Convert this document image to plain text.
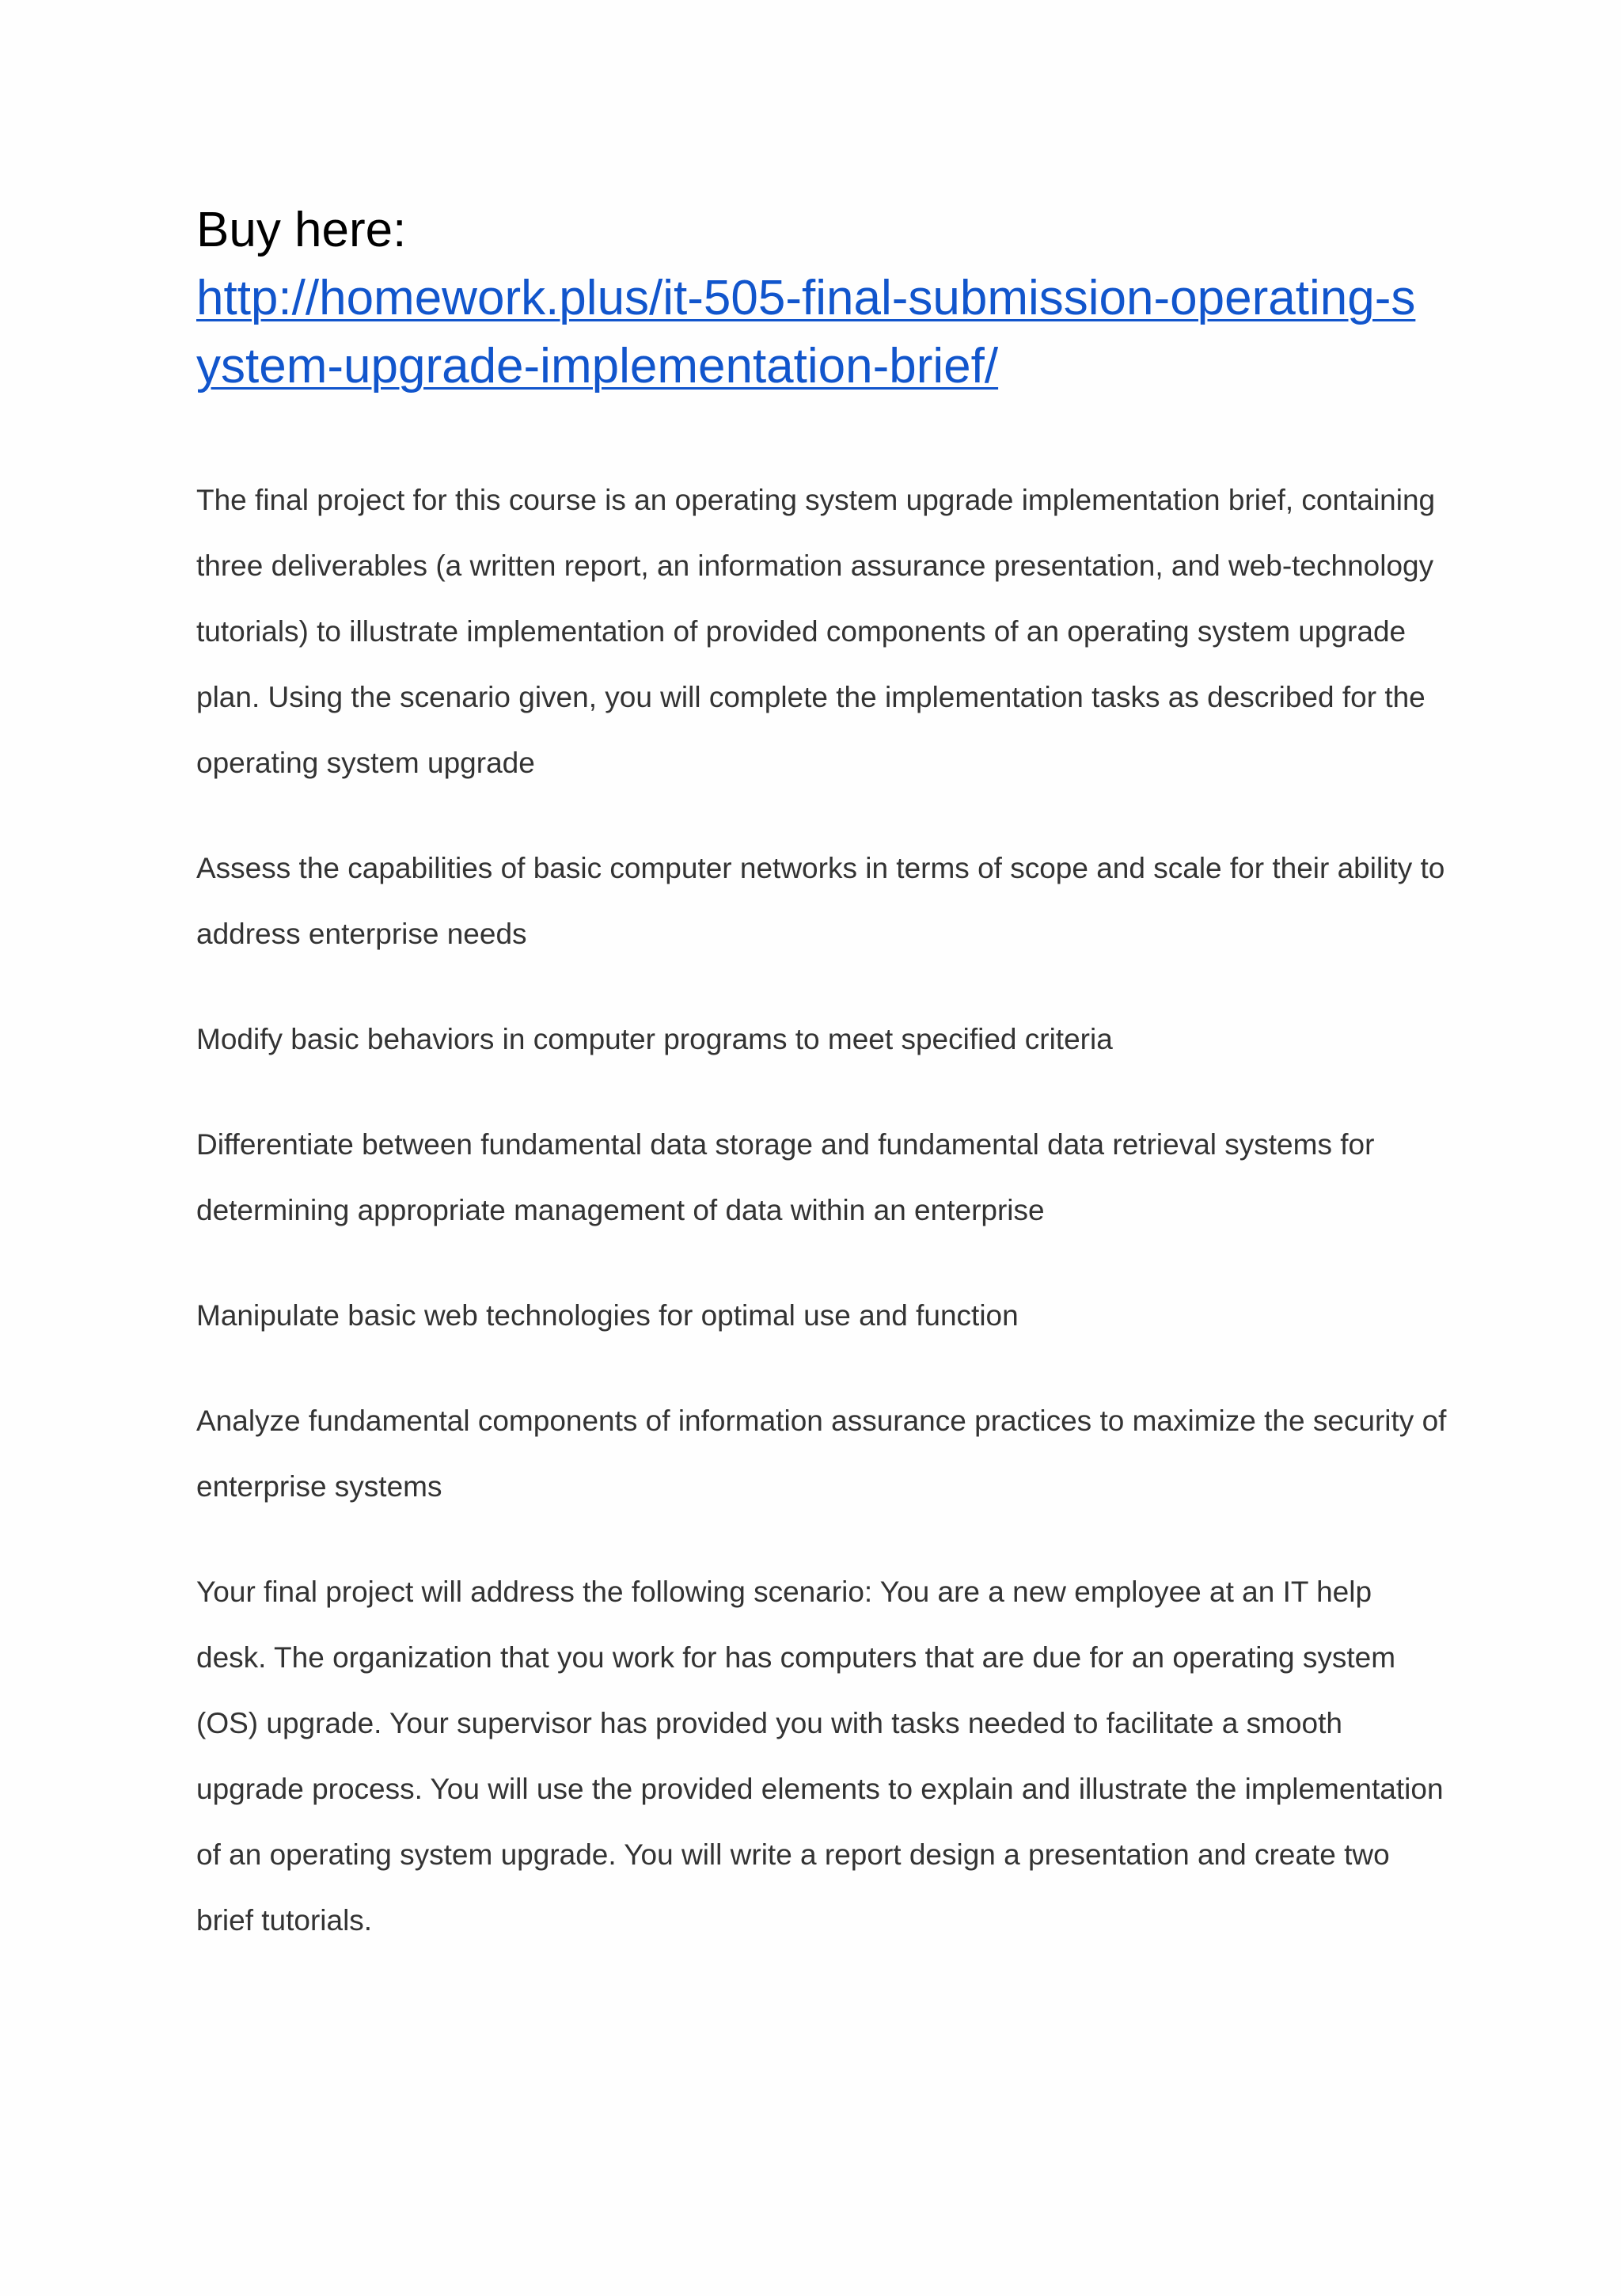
Buy here:
http://homework.plus/it-505-final-submission-operating-system-upgrade-implementation-brief/

The final project for this course is an operating system upgrade implementation brief, containing three deliverables (a written report, an information assurance presentation, and web-technology tutorials) to illustrate implementation of provided components of an operating system upgrade plan. Using the scenario given, you will complete the implementation tasks as described for the operating system upgrade

Assess the capabilities of basic computer networks in terms of scope and scale for their ability to address enterprise needs

Modify basic behaviors in computer programs to meet specified criteria

Differentiate between fundamental data storage and fundamental data retrieval systems for determining appropriate management of data within an enterprise

Manipulate basic web technologies for optimal use and function

Analyze fundamental components of information assurance practices to maximize the security of enterprise systems

Your final project will address the following scenario: You are a new employee at an IT help desk. The organization that you work for has computers that are due for an operating system (OS) upgrade. Your supervisor has provided you with tasks needed to facilitate a smooth upgrade process. You will use the provided elements to explain and illustrate the implementation of an operating system upgrade. You will write a report design a presentation and create two brief tutorials.
